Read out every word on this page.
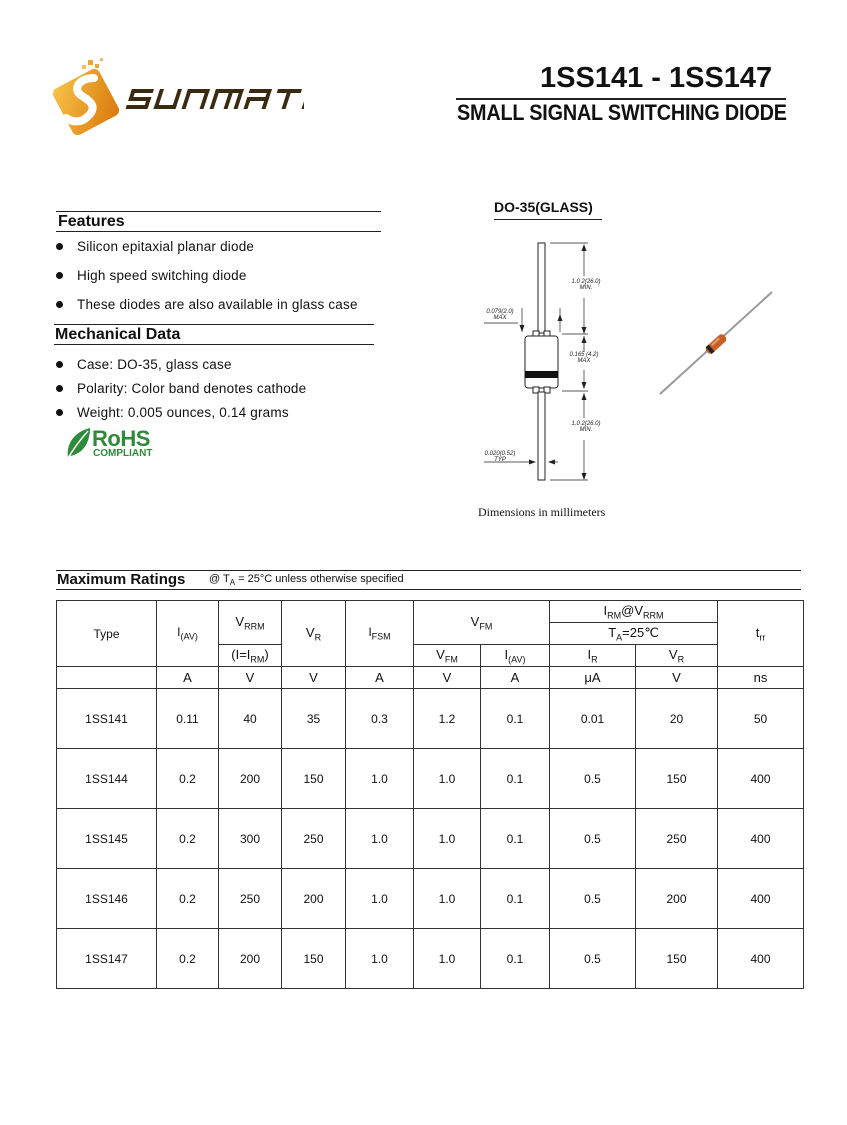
1SS141 - 1SS147
SMALL SIGNAL SWITCHING DIODE
Features
Silicon epitaxial planar diode
High speed switching diode
These diodes are also available in glass case
Mechanical Data
Case: DO-35, glass case
Polarity: Color band denotes cathode
Weight: 0.005 ounces, 0.14 grams
RoHS
COMPLIANT
DO-35(GLASS)
1.0 2(26.0)
MIN.
0.079(2.0)
MAX
0.165 (4.2)
MAX
1.0 2(26.0)
MIN.
0.020(0.52)
TYP
Dimensions in millimeters
Maximum Ratings @ $T_A = 25^\circ C$ unless otherwise specified
Type	$I_{(AV)}$	$V_{RRM}$	$V_R$	$I_{FSM}$	$V_{FM}$		$I_{RM}@V_{RRM}$		$t_{rr}$
							$T_A=25℃$		
		$(I=I_{RM})$			$V_{FM}$	$I_{(AV)}$	$I_R$	$V_R$
	A	V	V	A	V	A	μA	V	ns
1SS141	0.11	40	35	0.3	1.2	0.1	0.01	20	50
1SS144	0.2	200	150	1.0	1.0	0.1	0.5	150	400
1SS145	0.2	300	250	1.0	1.0	0.1	0.5	250	400
1SS146	0.2	250	200	1.0	1.0	0.1	0.5	200	400
1SS147	0.2	200	150	1.0	1.0	0.1	0.5	150	400
